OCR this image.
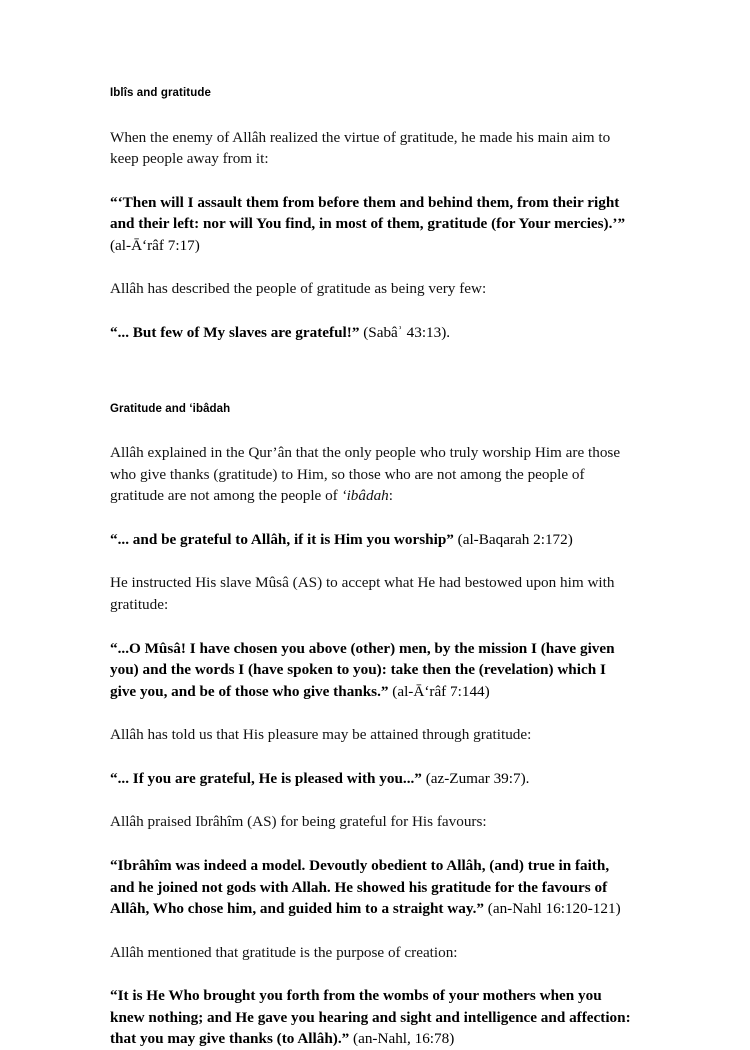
Iblîs and gratitude

When the enemy of Allâh realized the virtue of gratitude, he made his main aim to keep people away from it:

“‘Then will I assault them from before them and behind them, from their right and their left: nor will You find, in most of them, gratitude (for Your mercies).’” (al-Āʻrâf 7:17)

Allâh has described the people of gratitude as being very few:

“... But few of My slaves are grateful!” (Sabâʾ 43:13).

Gratitude and ʻibâdah

Allâh explained in the Qur’ân that the only people who truly worship Him are those who give thanks (gratitude) to Him, so those who are not among the people of gratitude are not among the people of ʻibâdah:

“... and be grateful to Allâh, if it is Him you worship” (al-Baqarah 2:172)

He instructed His slave Mûsâ (AS) to accept what He had bestowed upon him with gratitude:

“...O Mûsâ! I have chosen you above (other) men, by the mission I (have given you) and the words I (have spoken to you): take then the (revelation) which I give you, and be of those who give thanks.” (al-Āʻrâf 7:144)

Allâh has told us that His pleasure may be attained through gratitude:

“... If you are grateful, He is pleased with you...” (az-Zumar 39:7).

Allâh praised Ibrâhîm (AS) for being grateful for His favours:

“Ibrâhîm was indeed a model. Devoutly obedient to Allâh, (and) true in faith, and he joined not gods with Allah. He showed his gratitude for the favours of Allâh, Who chose him, and guided him to a straight way.” (an-Nahl 16:120-121)

Allâh mentioned that gratitude is the purpose of creation:

“It is He Who brought you forth from the wombs of your mothers when you knew nothing; and He gave you hearing and sight and intelligence and affection: that you may give thanks (to Allâh).” (an-Nahl, 16:78)
